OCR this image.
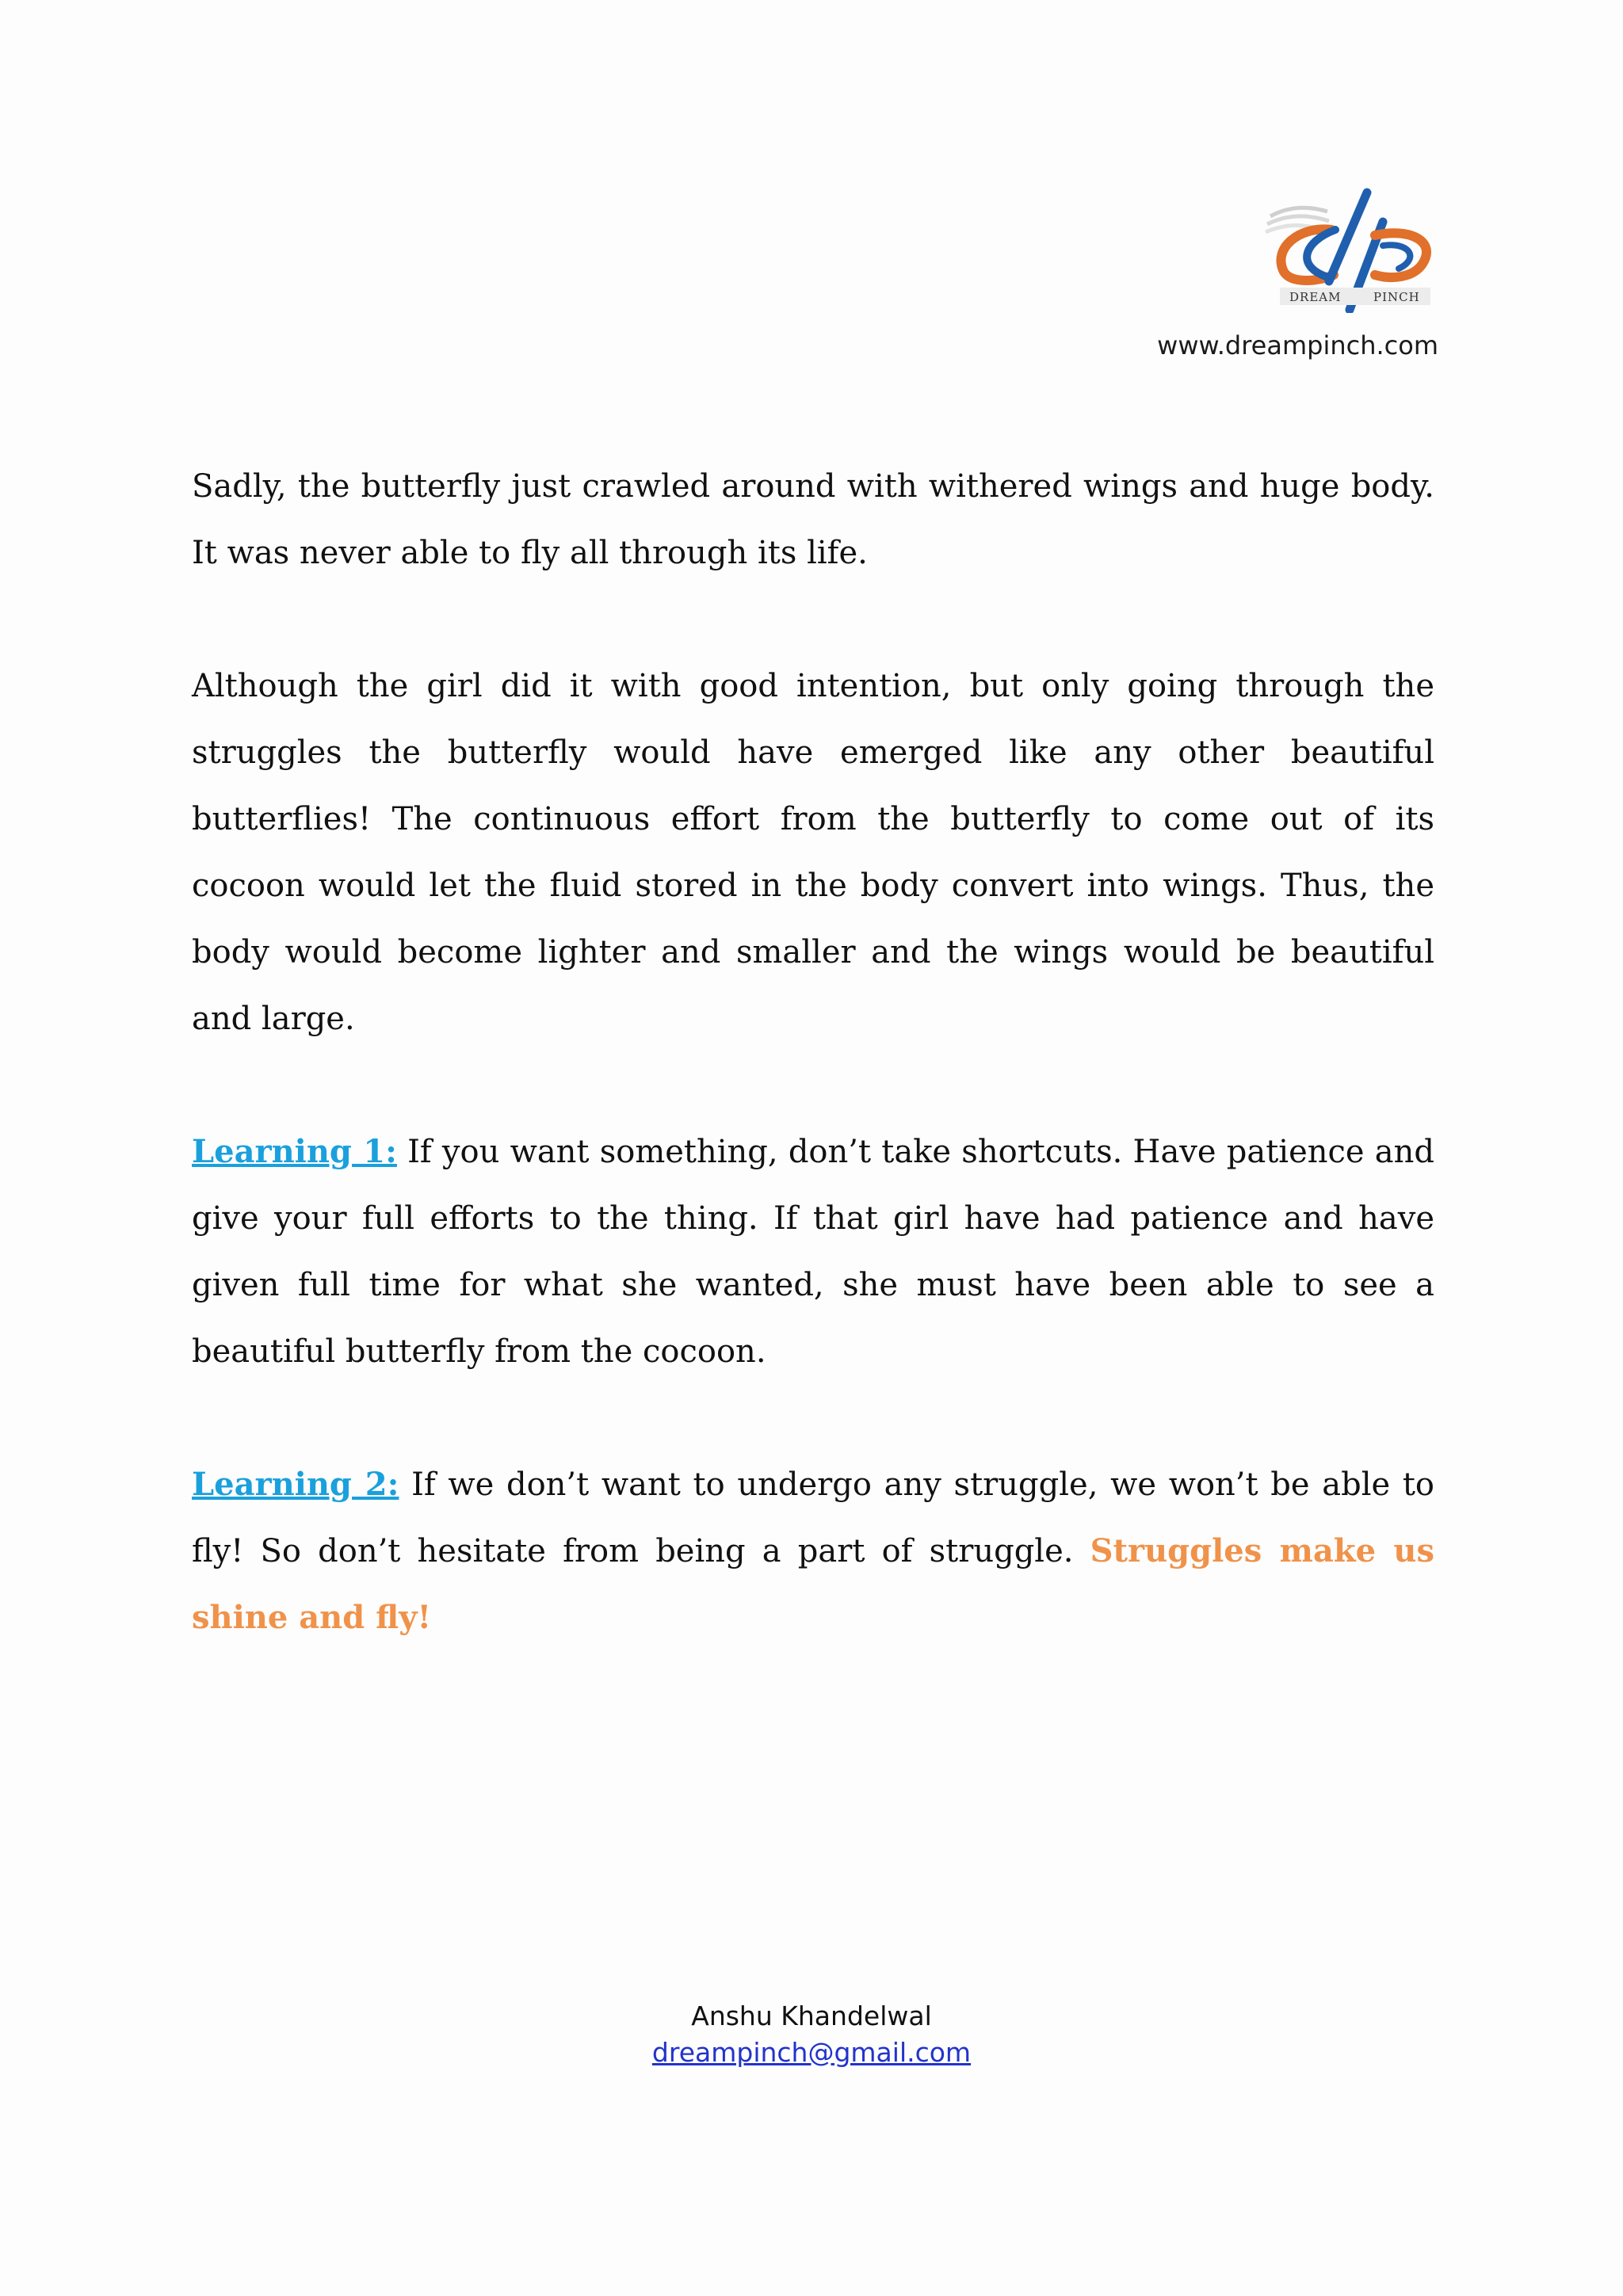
DREAM	PINCH
www.dreampinch.com

Sadly, the butterfly just crawled around with withered wings and huge body. It was never able to fly all through its life.

Although the girl did it with good intention, but only going through the struggles the butterfly would have emerged like any other beautiful butterflies! The continuous effort from the butterfly to come out of its cocoon would let the fluid stored in the body convert into wings. Thus, the body would become lighter and smaller and the wings would be beautiful and large.

Learning 1: If you want something, don’t take shortcuts. Have patience and give your full efforts to the thing. If that girl have had patience and have given full time for what she wanted, she must have been able to see a beautiful butterfly from the cocoon.

Learning 2: If we don’t want to undergo any struggle, we won’t be able to fly! So don’t hesitate from being a part of struggle. Struggles make us shine and fly!

Anshu Khandelwal
dreampinch@gmail.com
